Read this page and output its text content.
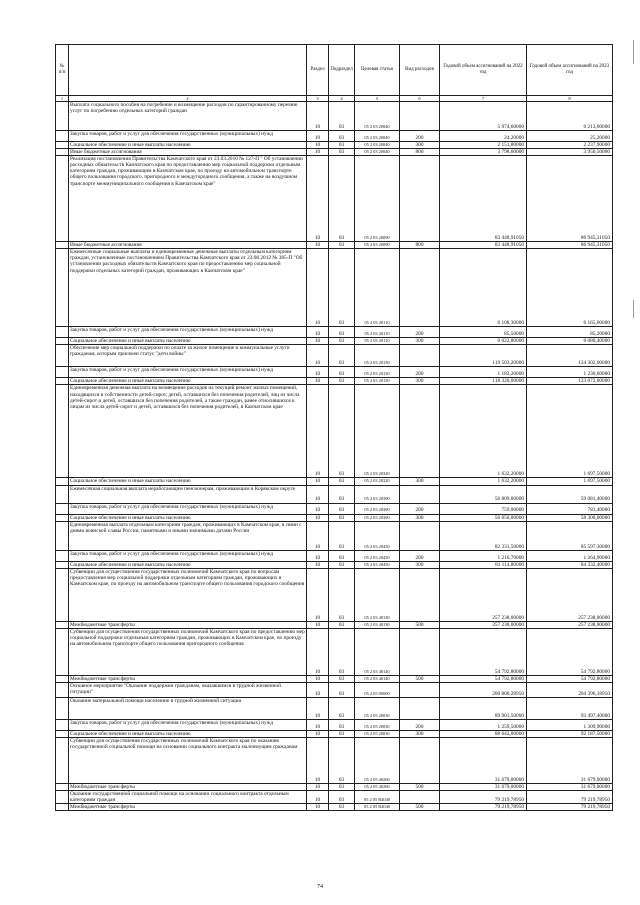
№ п/п		Раздел	Подраздел	Целевая статья	Вид расходов	Годовой объем ассигнований на 2022 год	Годовой объем ассигнований на 2023 год
1	2	3	4	5	6	7	8
	Выплата социального пособия на погребение и возмещение расходов по гарантированному перечню услуг по погребению отдельных категорий граждан	10	03	05 2 03 20040		5 974,60000	6 213,60000
	Закупка товаров, работ и услуг для обеспечения государственных (муниципальных) нужд	10	03	05 2 03 20040	200	24,20000	25,20000
	Социальное обеспечение и иные выплаты населению	10	03	05 2 03 20040	300	2 151,80000	2 237,90000
	Иные бюджетные ассигнования	10	03	05 2 03 20040	800	3 798,60000	3 950,50000
	Реализация постановления Правительства Камчатского края от 23.03.2010 № 127-П " Об установлении расходных обязательств Камчатского края по предоставлению мер социальной поддержки отдельным категориям граждан, проживающим в Камчатском крае, по проезду на автомобильном транспорте общего пользования городского, пригородного и междугородного сообщения, а также на воздушном транспорте межмуниципального сообщения в Камчатском крае"	10	03	05 2 03 20090		83 448,91050	86 945,31050
	Иные бюджетные ассигнования	10	03	05 2 03 20090	800	83 448,91050	86 945,31050
	Ежемесячные социальные выплаты и единовременные денежные выплаты отдельным категориям граждан, установленные постановлением Правительства Камчатского края от 23.08.2012 № 385-П "Об установлении расходных обязательств Камчатского края по предоставлению мер социальной поддержки отдельных категорий граждан, проживающих в Камчатском крае"	10	03	05 2 03 20110		6 108,30000	6 165,60000
	Закупка товаров, работ и услуг для обеспечения государственных (муниципальных) нужд	10	03	05 2 03 20110	200	85,50000	85,20000
	Социальное обеспечение и иные выплаты населению	10	03	05 2 03 20110	300	6 022,80000	6 080,40000
	Обеспечение мер социальной поддержки по оплате за жилое помещение и коммунальные услуги гражданам, которым присвоен статус "дети войны"	10	03	05 2 03 20150		119 503,20000	124 302,60000
	Закупка товаров, работ и услуг для обеспечения государственных (муниципальных) нужд	10	03	05 2 03 20150	200	1 183,20000	1 230,60000
	Социальное обеспечение и иные выплаты населению	10	03	05 2 03 20150	300	118 320,00000	123 072,00000
	Единовременная денежная выплата на возмещение расходов на текущий ремонт жилых помещений, находящихся в собственности детей-сирот, детей, оставшихся без попечения родителей, лиц из числа детей-сирот и детей, оставшихся без попечения родителей, а также граждан, ранее относившихся к лицам из числа детей-сирот и детей, оставшихся без попечения родителей, в Камчатском крае	10	03	05 2 03 20320		1 632,20000	1 697,50000
	Социальное обеспечение и иные выплаты населению	10	03	05 2 03 20320	300	1 632,20000	1 697,50000
	Ежемесячная социальная выплата неработающим пенсионерам, проживающим в Корякском округе	10	03	05 2 03 20390		56 809,00000	59 081,40000
	Закупка товаров, работ и услуг для обеспечения государственных (муниципальных) нужд	10	03	05 2 03 20390	200	759,00000	781,40000
	Социальное обеспечение и иные выплаты населению	10	03	05 2 03 20390	300	56 050,00000	58 300,00000
	Единовременная выплата отдельным категориям граждан, проживающих в Камчатском крае, в связи с днями воинской славы России, памятными и иными значимыми датами России	10	03	05 2 03 20450		82 331,50000	85 597,30000
	Закупка товаров, работ и услуг для обеспечения государственных (муниципальных) нужд	10	03	05 2 03 20450	200	1 216,70000	1 264,90000
	Социальное обеспечение и иные выплаты населению	10	03	05 2 03 20450	300	81 114,80000	84 332,40000
	Субвенции для осуществления государственных полномочий Камчатского края по вопросам предоставления мер социальной поддержки отдельным категориям граждан, проживающих в Камчатском крае, по проезду на автомобильном транспорте общего пользования городского сообщения	10	03	05 2 03 40130		257 238,00000	257 238,00000
	Межбюджетные трансферты	10	03	05 2 03 40130	500	257 238,00000	257 238,00000
	Субвенции для осуществления государственных полномочий Камчатского края по предоставлению мер социальной поддержки отдельным категориям граждан, проживающих в Камчатском крае, по проезду на автомобильном транспорте общего пользования пригородного сообщения	10	03	05 2 03 40140		54 792,80000	54 792,80000
	Межбюджетные трансферты	10	03	05 2 03 40140	500	54 792,80000	54 792,80000
	Основное мероприятие "Оказание поддержки гражданам, оказавшимся в трудной жизненной ситуации"	10	03	05 2 05 00000		200 800,28950	204 396,18950
	Оказание материальной помощи населению в трудной жизненной ситуации	10	03	05 2 05 20030		89 901,50000	93 497,40000
	Закупка товаров, работ и услуг для обеспечения государственных (муниципальных) нужд	10	03	05 2 05 20030	200	1 259,50000	1 309,90000
	Социальное обеспечение и иные выплаты населению	10	03	05 2 05 20030	300	88 642,00000	92 187,50000
	Субвенции для осуществления государственных полномочий Камчатского края по оказанию государственной социальной помощи на основании социального контракта малоимущим гражданам	10	03	05 2 05 40260		31 679,00000	31 679,00000
	Межбюджетные трансферты	10	03	05 2 05 40260	500	31 679,00000	31 679,00000
	Оказание государственной социальной помощи на основании социального контракта отдельным категориям граждан	10	03	05 2 05 R4040		79 219,78950	79 219,78950
	Межбюджетные трансферты	10	03	05 2 05 R4040	500	79 219,78950	79 219,78950
74
